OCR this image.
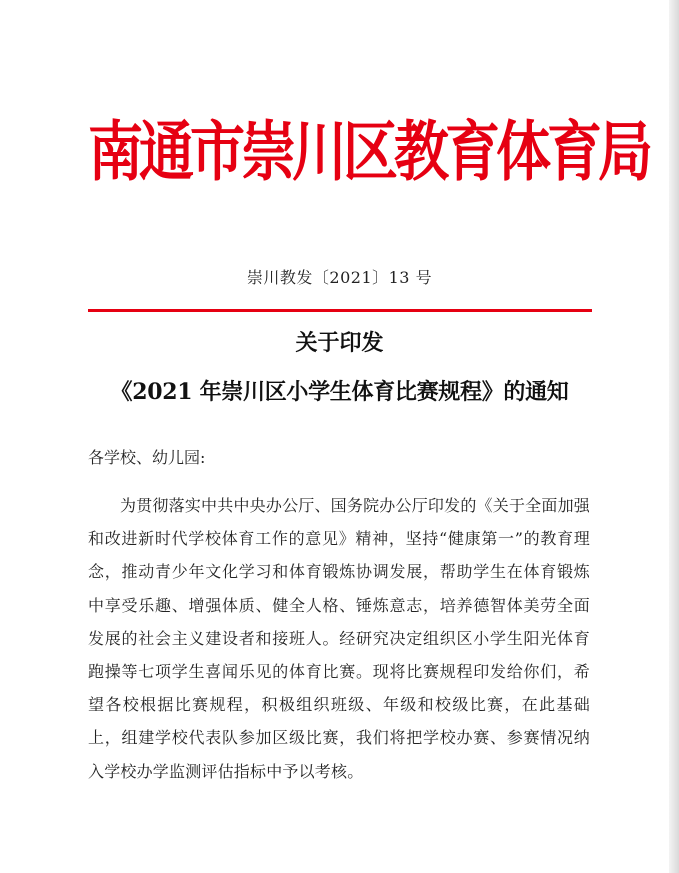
南通市崇川区教育体育局
崇川教发〔2021〕13 号
关于印发
《2021 年崇川区小学生体育比赛规程》的通知
各学校、幼儿园:
为贯彻落实中共中央办公厅、国务院办公厅印发的《关于全面加强和改进新时代学校体育工作的意见》精神，坚持“健康第一”的教育理念，推动青少年文化学习和体育锻炼协调发展，帮助学生在体育锻炼中享受乐趣、增强体质、健全人格、锤炼意志，培养德智体美劳全面发展的社会主义建设者和接班人。经研究决定组织区小学生阳光体育跑操等七项学生喜闻乐见的体育比赛。现将比赛规程印发给你们，希望各校根据比赛规程，积极组织班级、年级和校级比赛，在此基础上，组建学校代表队参加区级比赛，我们将把学校办赛、参赛情况纳入学校办学监测评估指标中予以考核。
